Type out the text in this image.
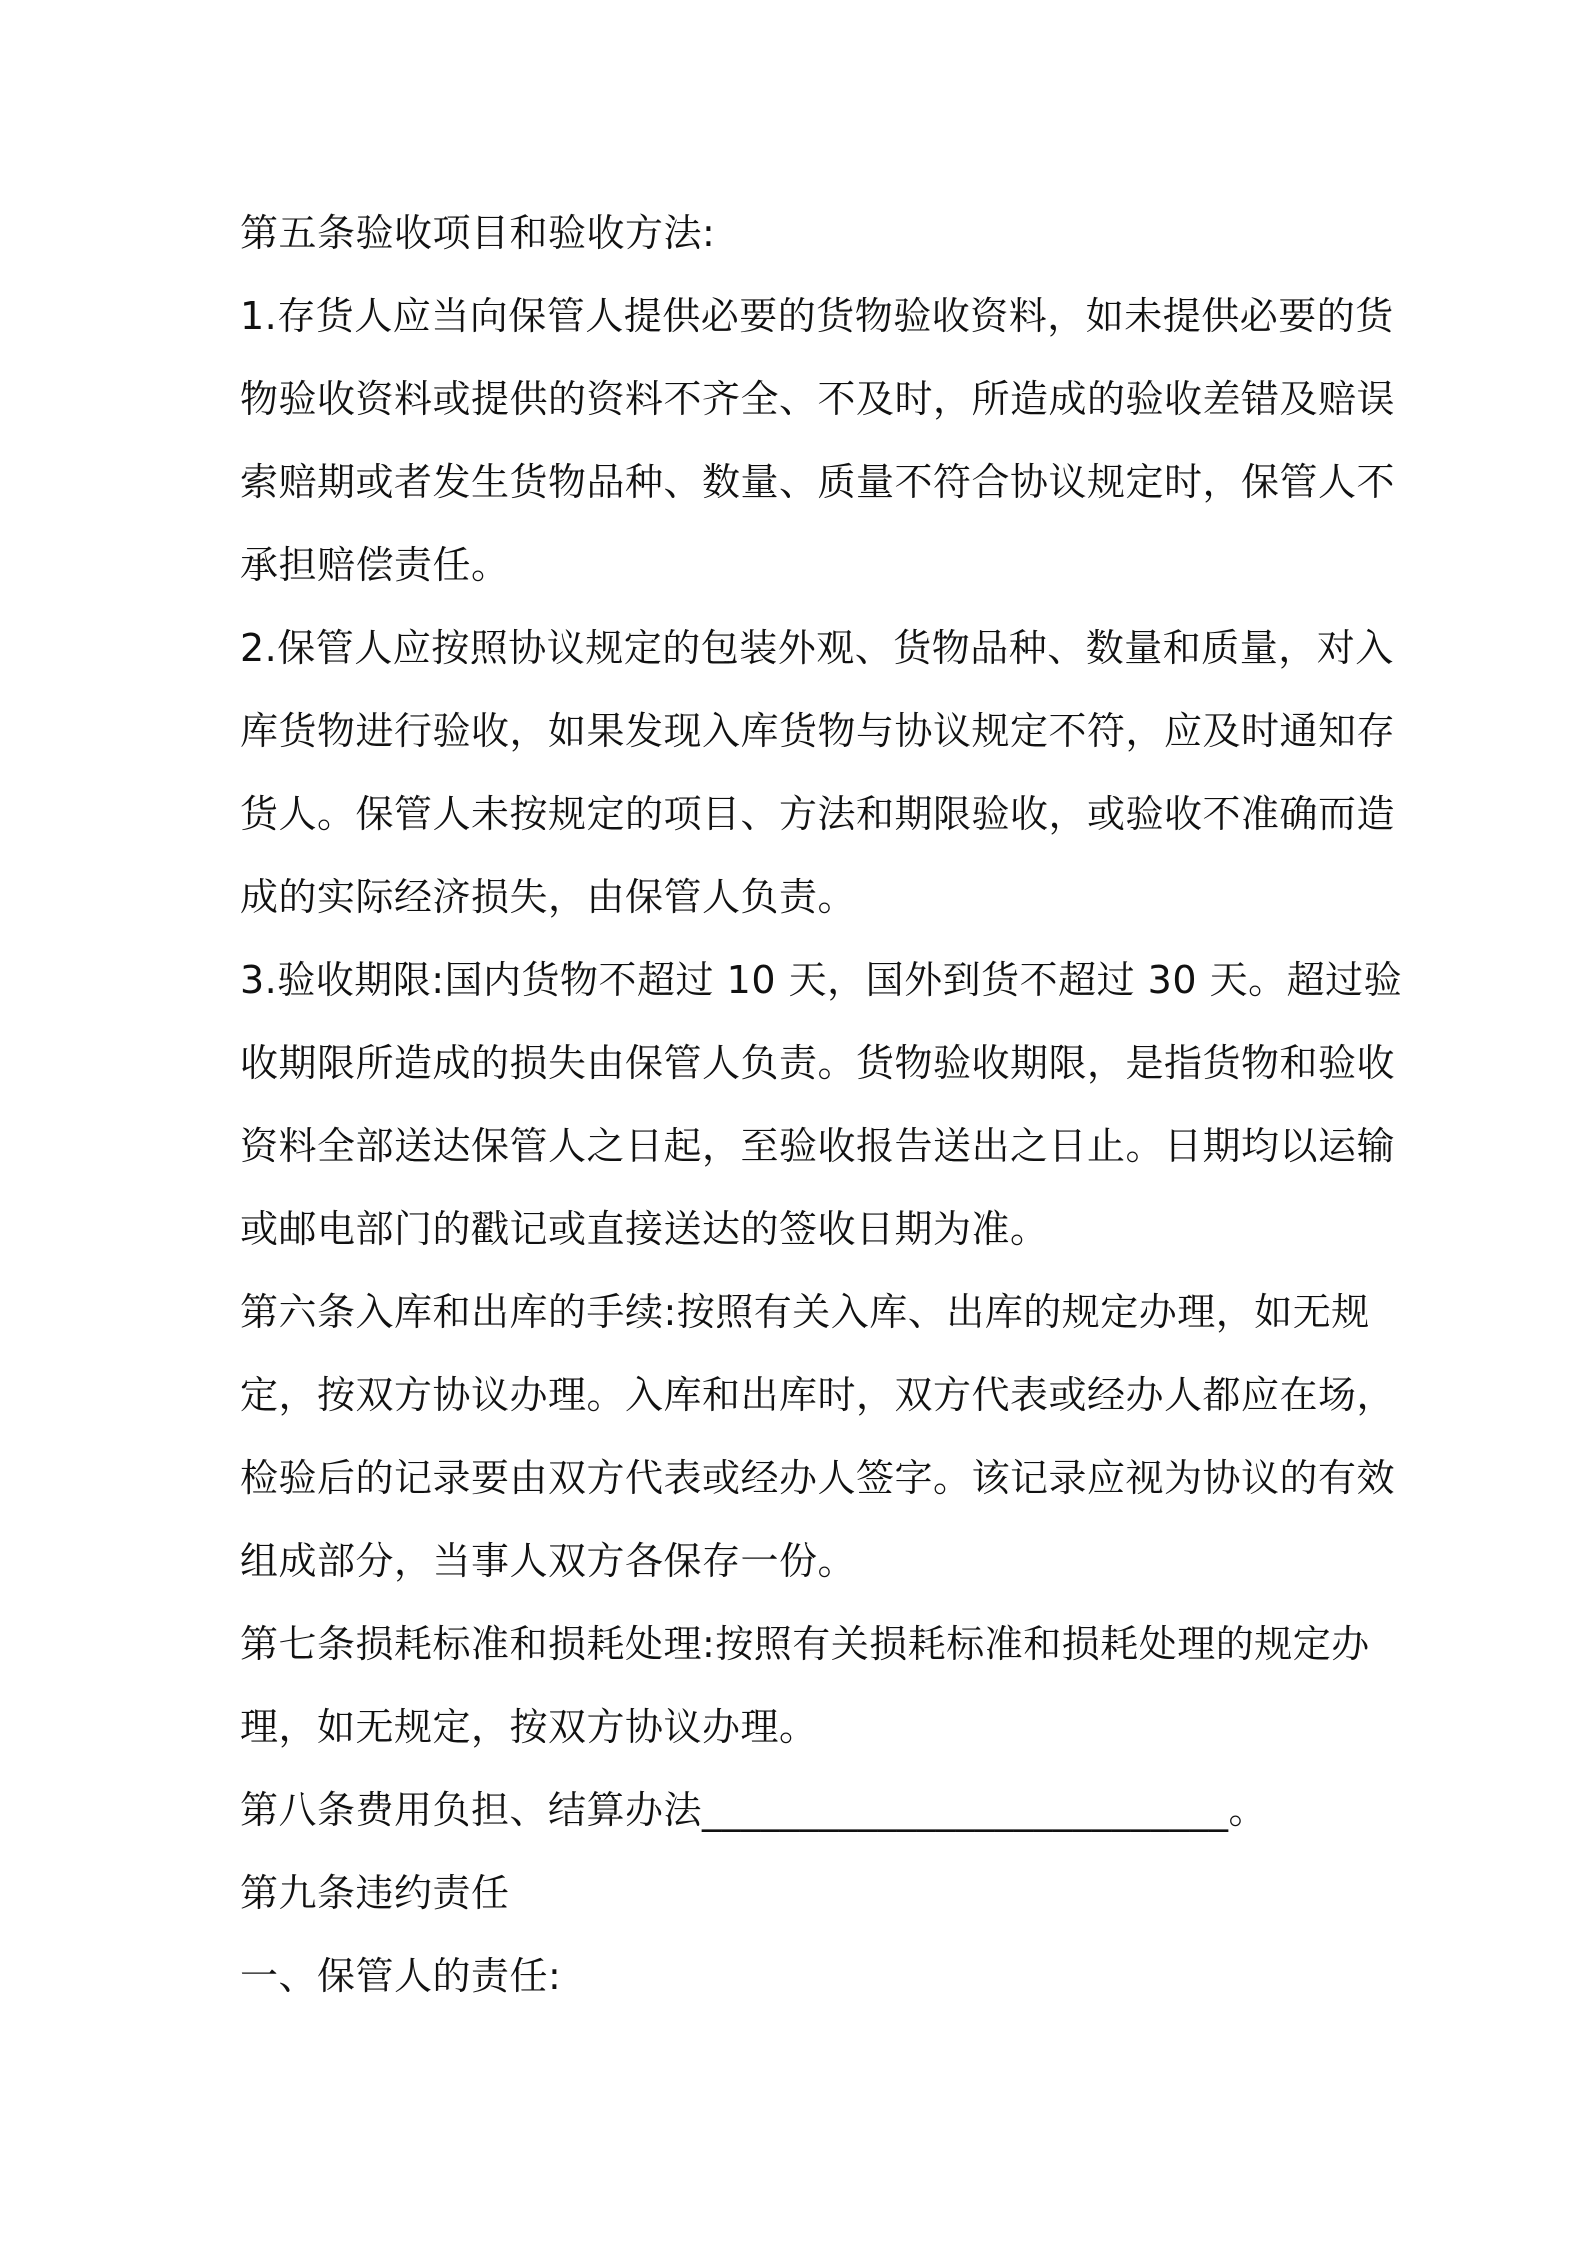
第五条验收项目和验收方法:
1.存货人应当向保管人提供必要的货物验收资料，如未提供必要的货
物验收资料或提供的资料不齐全、不及时，所造成的验收差错及赔误
索赔期或者发生货物品种、数量、质量不符合协议规定时，保管人不
承担赔偿责任。
2.保管人应按照协议规定的包装外观、货物品种、数量和质量，对入
库货物进行验收，如果发现入库货物与协议规定不符，应及时通知存
货人。保管人未按规定的项目、方法和期限验收，或验收不准确而造
成的实际经济损失，由保管人负责。
3.验收期限:国内货物不超过 10 天，国外到货不超过 30 天。超过验
收期限所造成的损失由保管人负责。货物验收期限，是指货物和验收
资料全部送达保管人之日起，至验收报告送出之日止。日期均以运输
或邮电部门的戳记或直接送达的签收日期为准。
第六条入库和出库的手续:按照有关入库、出库的规定办理，如无规
定，按双方协议办理。入库和出库时，双方代表或经办人都应在场，
检验后的记录要由双方代表或经办人签字。该记录应视为协议的有效
组成部分，当事人双方各保存一份。
第七条损耗标准和损耗处理:按照有关损耗标准和损耗处理的规定办
理，如无规定，按双方协议办理。
第八条费用负担、结算办法___________________________。
第九条违约责任
一、保管人的责任:
